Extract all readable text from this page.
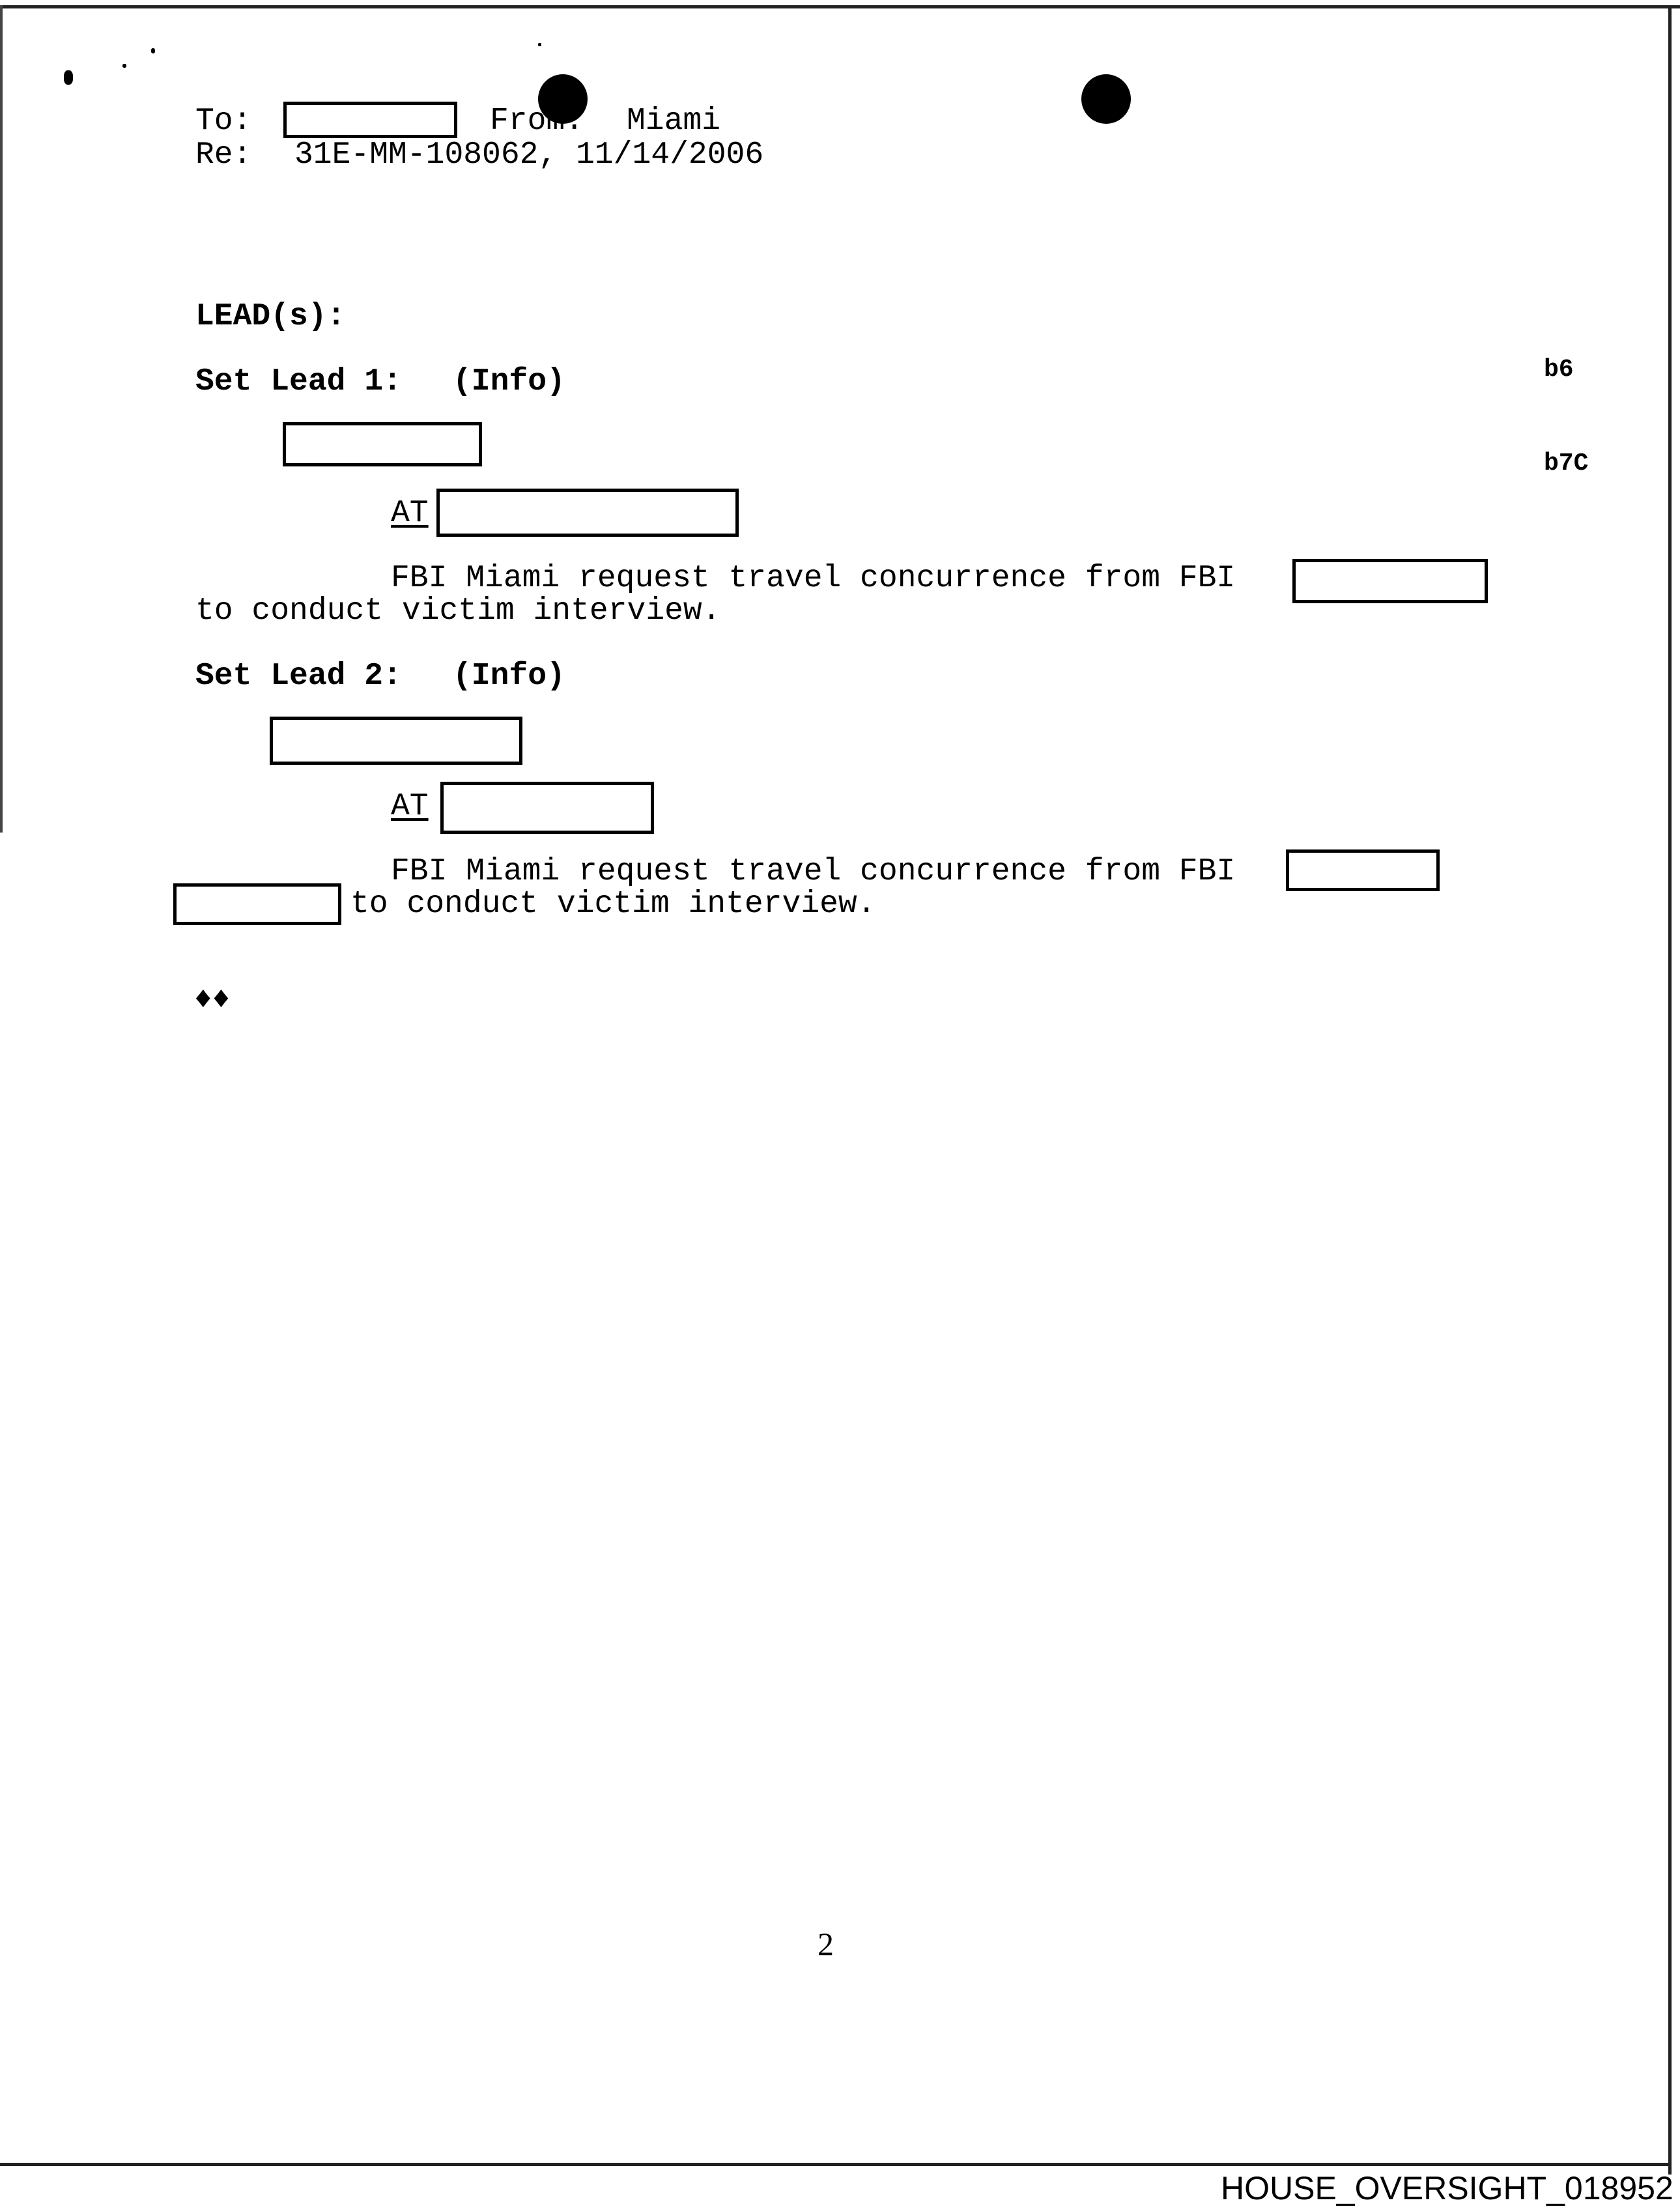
To:	From: Miami
Re: 31E-MM-108062, 11/14/2006

b6

b7C

LEAD(s):
Set Lead 1: (Info)
AT
FBI Miami request travel concurrence from FBI
to conduct victim interview.
Set Lead 2: (Info)
AT
FBI Miami request travel concurrence from FBI
to conduct victim interview.
♦♦
2
HOUSE_OVERSIGHT_018952
